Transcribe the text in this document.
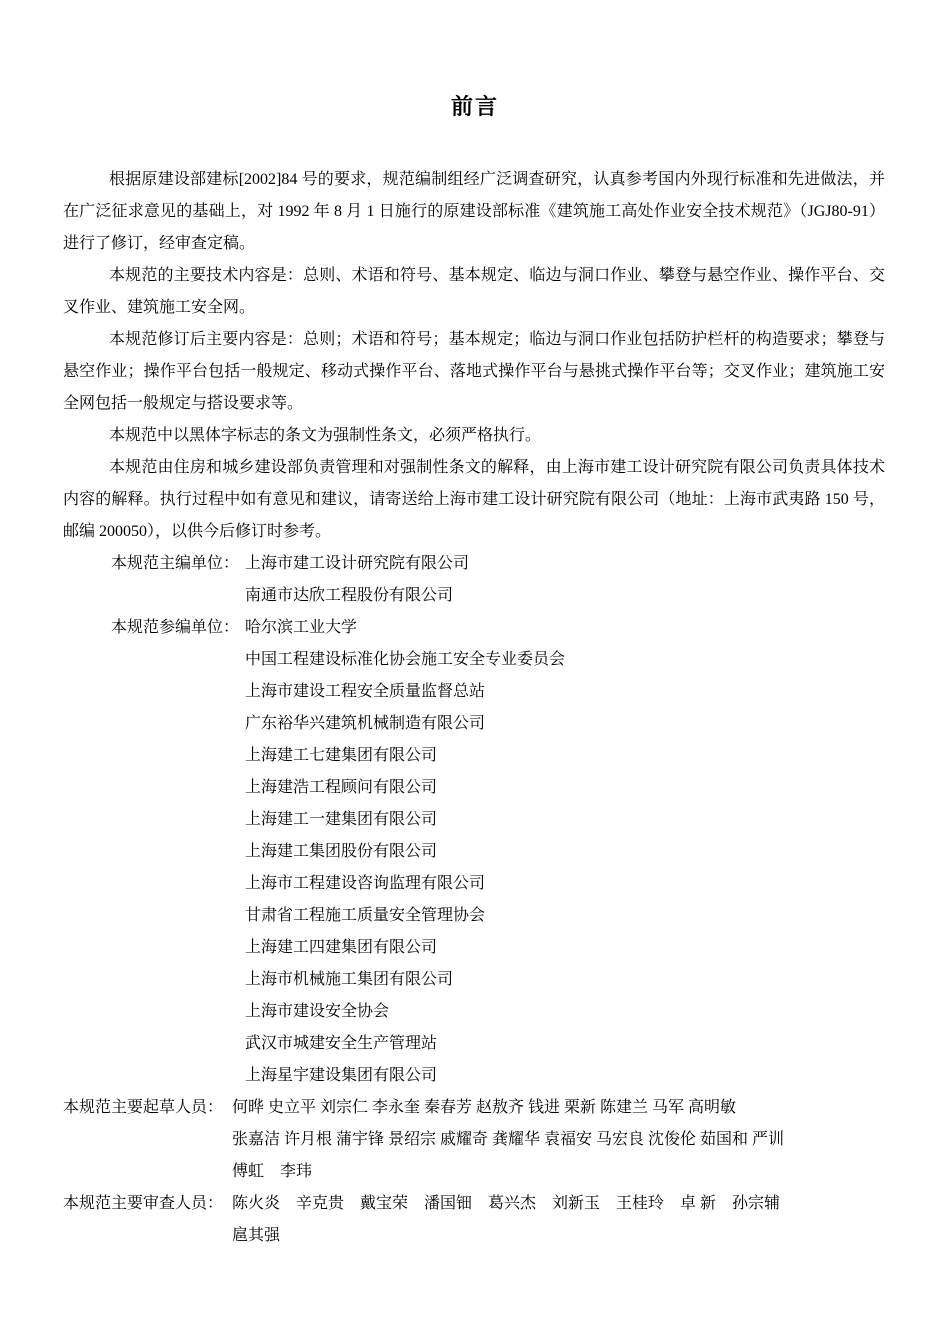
前言

根据原建设部建标[2002]84 号的要求，规范编制组经广泛调查研究，认真参考国内外现行标准和先进做法，并在广泛征求意见的基础上，对 1992 年 8 月 1 日施行的原建设部标准《建筑施工高处作业安全技术规范》（JGJ80-91）进行了修订，经审查定稿。

本规范的主要技术内容是：总则、术语和符号、基本规定、临边与洞口作业、攀登与悬空作业、操作平台、交叉作业、建筑施工安全网。

本规范修订后主要内容是：总则；术语和符号；基本规定；临边与洞口作业包括防护栏杆的构造要求；攀登与悬空作业；操作平台包括一般规定、移动式操作平台、落地式操作平台与悬挑式操作平台等；交叉作业；建筑施工安全网包括一般规定与搭设要求等。

本规范中以黑体字标志的条文为强制性条文，必须严格执行。

本规范由住房和城乡建设部负责管理和对强制性条文的解释，由上海市建工设计研究院有限公司负责具体技术内容的解释。执行过程中如有意见和建议，请寄送给上海市建工设计研究院有限公司（地址：上海市武夷路 150 号，邮编 200050），以供今后修订时参考。

本规范主编单位： 上海市建工设计研究院有限公司
南通市达欣工程股份有限公司
本规范参编单位： 哈尔滨工业大学
中国工程建设标准化协会施工安全专业委员会
上海市建设工程安全质量监督总站
广东裕华兴建筑机械制造有限公司
上海建工七建集团有限公司
上海建浩工程顾问有限公司
上海建工一建集团有限公司
上海建工集团股份有限公司
上海市工程建设咨询监理有限公司
甘肃省工程施工质量安全管理协会
上海建工四建集团有限公司
上海市机械施工集团有限公司
上海市建设安全协会
武汉市城建安全生产管理站
上海星宇建设集团有限公司
本规范主要起草人员： 何晔 史立平 刘宗仁 李永奎 秦春芳 赵敖齐 钱进 栗新 陈建兰 马军 高明敏
张嘉洁 许月根 蒲宇锋 景绍宗 戚耀奇 龚耀华 袁福安 马宏良 沈俊伦 茹国和 严训
傅虹　李玮
本规范主要审查人员： 陈火炎　辛克贵　戴宝荣　潘国钿　葛兴杰　刘新玉　王桂玲　卓 新　孙宗辅
扈其强
